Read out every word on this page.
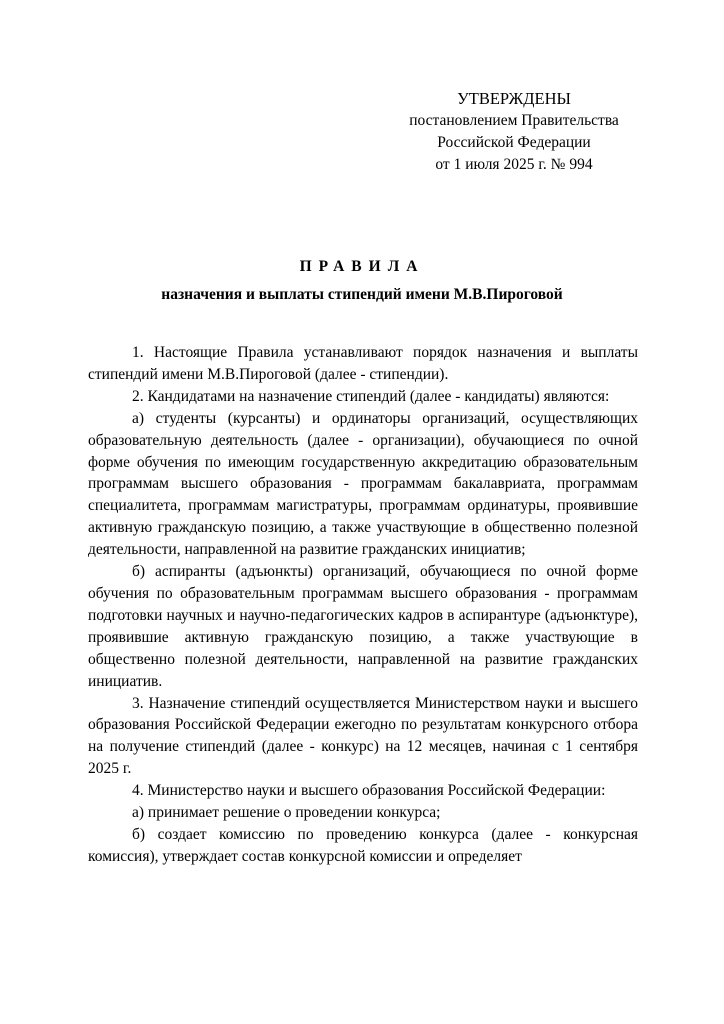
УТВЕРЖДЕНЫ
постановлением Правительства
Российской Федерации
от 1 июля 2025 г. № 994
ПРАВИЛА
назначения и выплаты стипендий имени М.В.Пироговой

1. Настоящие Правила устанавливают порядок назначения и выплаты стипендий имени М.В.Пироговой (далее - стипендии).

2. Кандидатами на назначение стипендий (далее - кандидаты) являются:

а) студенты (курсанты) и ординаторы организаций, осуществляющих образовательную деятельность (далее - организации), обучающиеся по очной форме обучения по имеющим государственную аккредитацию образовательным программам высшего образования - программам бакалавриата, программам специалитета, программам магистратуры, программам ординатуры, проявившие активную гражданскую позицию, а также участвующие в общественно полезной деятельности, направленной на развитие гражданских инициатив;

б) аспиранты (адъюнкты) организаций, обучающиеся по очной форме обучения по образовательным программам высшего образования - программам подготовки научных и научно-педагогических кадров в аспирантуре (адъюнктуре), проявившие активную гражданскую позицию, а также участвующие в общественно полезной деятельности, направленной на развитие гражданских инициатив.

3. Назначение стипендий осуществляется Министерством науки и высшего образования Российской Федерации ежегодно по результатам конкурсного отбора на получение стипендий (далее - конкурс) на 12 месяцев, начиная с 1 сентября 2025 г.

4. Министерство науки и высшего образования Российской Федерации:

а) принимает решение о проведении конкурса;

б) создает комиссию по проведению конкурса (далее - конкурсная комиссия), утверждает состав конкурсной комиссии и определяет
